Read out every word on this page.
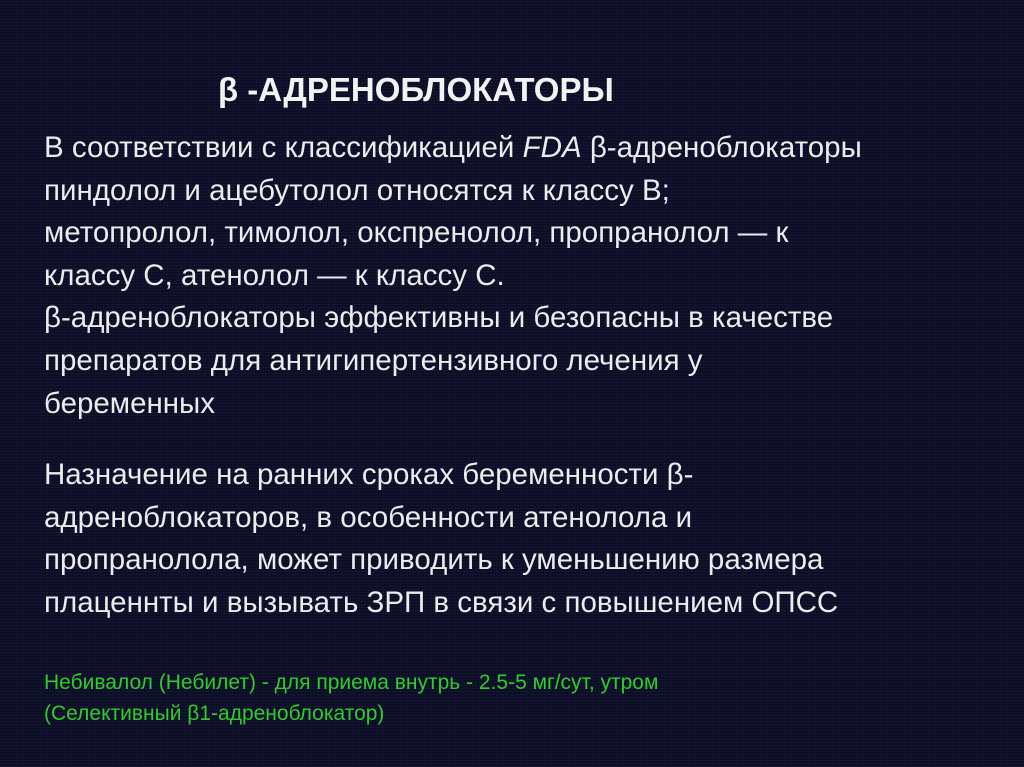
β -АДРЕНОБЛОКАТОРЫ

В соответствии с классификацией FDA β-адреноблокаторы
пиндолол и ацебутолол относятся к классу B;
метопролол, тимолол, окспренолол, пропранолол — к
классу C, атенолол — к классу C.
β-адреноблокаторы эффективны и безопасны в качестве
препаратов для антигипертензивного лечения у
беременных

Назначение на ранних сроках беременности β-
адреноблокаторов, в особенности атенолола и
пропранолола, может приводить к уменьшению размера
плаценнты и вызывать ЗРП в связи с повышением ОПСС

Небивалол (Небилет) - для приема внутрь - 2.5-5 мг/сут, утром
(Селективный β1-адреноблокатор)
